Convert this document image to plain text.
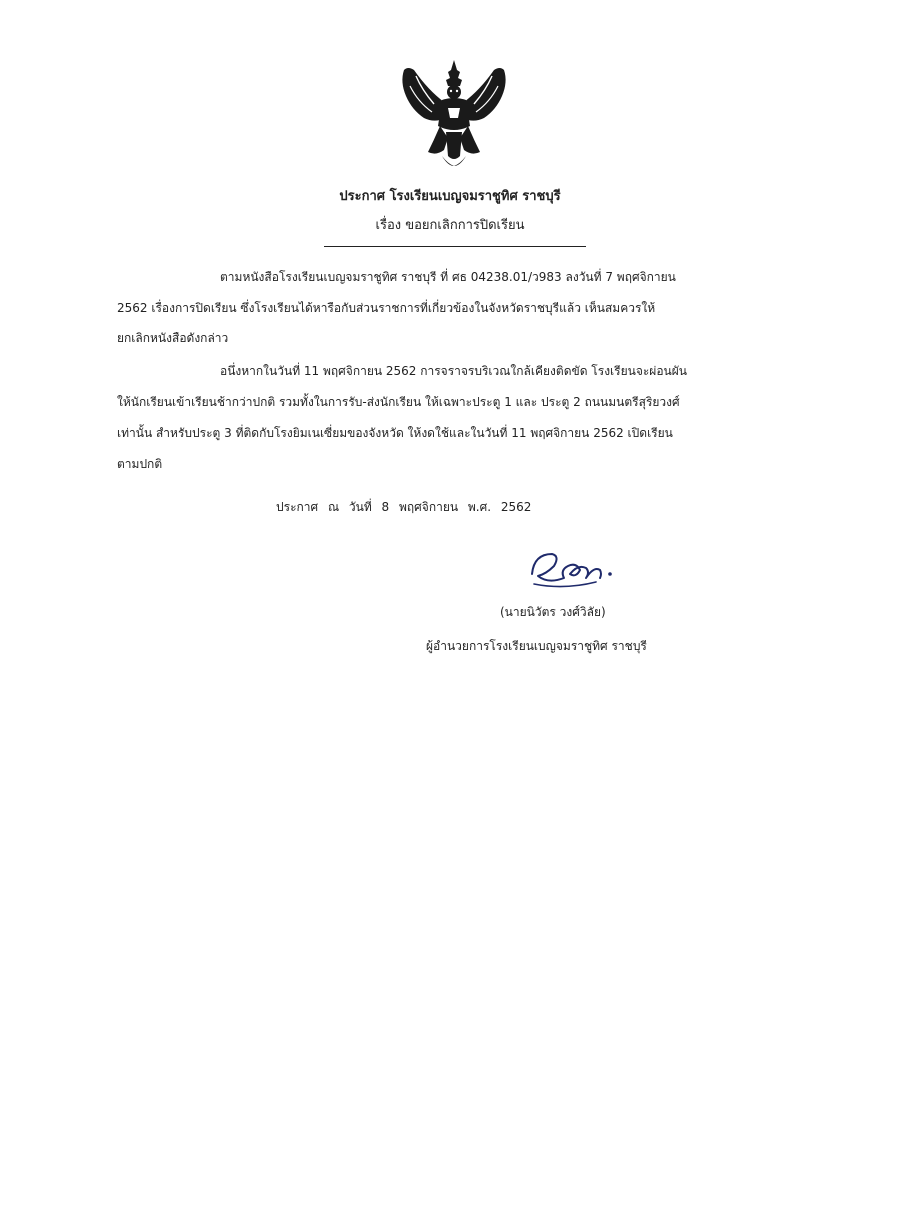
ประกาศ โรงเรียนเบญจมราชูทิศ ราชบุรี
เรื่อง ขอยกเลิกการปิดเรียน
ตามหนังสือโรงเรียนเบญจมราชูทิศ ราชบุรี ที่ ศธ 04238.01/ว983 ลงวันที่ 7 พฤศจิกายน
2562 เรื่องการปิดเรียน ซึ่งโรงเรียนได้หารือกับส่วนราชการที่เกี่ยวข้องในจังหวัดราชบุรีแล้ว เห็นสมควรให้
ยกเลิกหนังสือดังกล่าว
อนึ่งหากในวันที่ 11 พฤศจิกายน 2562 การจราจรบริเวณใกล้เคียงติดขัด โรงเรียนจะผ่อนผัน
ให้นักเรียนเข้าเรียนช้ากว่าปกติ รวมทั้งในการรับ-ส่งนักเรียน ให้เฉพาะประตู 1 และ ประตู 2 ถนนมนตรีสุริยวงศ์
เท่านั้น สำหรับประตู 3 ที่ติดกับโรงยิมเนเซี่ยมของจังหวัด ให้งดใช้และในวันที่ 11 พฤศจิกายน 2562 เปิดเรียน
ตามปกติ
ประกาศ ณ วันที่ 8 พฤศจิกายน พ.ศ. 2562
(นายนิวัตร วงศ์วิลัย)
ผู้อำนวยการโรงเรียนเบญจมราชูทิศ ราชบุรี
